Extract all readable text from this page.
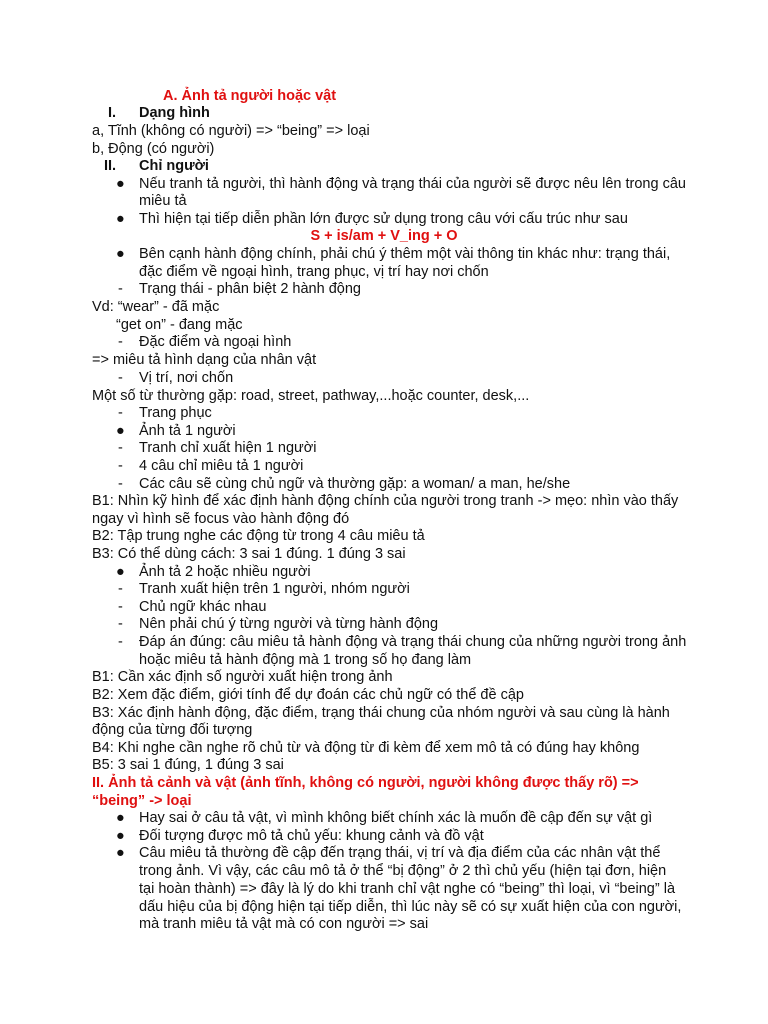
A. Ảnh tả người hoặc vật
I. Dạng hình
a, Tĩnh (không có người) => “being” => loại
b, Động (có người)
II. Chỉ người
● Nếu tranh tả người, thì hành động và trạng thái của người sẽ được nêu lên trong câu
miêu tả
● Thì hiện tại tiếp diễn phần lớn được sử dụng trong câu với cấu trúc như sau
S + is/am + V_ing + O
● Bên cạnh hành động chính, phải chú ý thêm một vài thông tin khác như: trạng thái,
đặc điểm về ngoại hình, trang phục, vị trí hay nơi chốn
- Trạng thái - phân biệt 2 hành động
Vd: “wear” - đã mặc
“get on” - đang mặc
- Đặc điểm và ngoại hình
=> miêu tả hình dạng của nhân vật
- Vị trí, nơi chốn
Một số từ thường gặp: road, street, pathway,...hoặc counter, desk,...
- Trang phục
● Ảnh tả 1 người
- Tranh chỉ xuất hiện 1 người
- 4 câu chỉ miêu tả 1 người
- Các câu sẽ cùng chủ ngữ và thường gặp: a woman/ a man, he/she
B1: Nhìn kỹ hình để xác định hành động chính của người trong tranh -> mẹo: nhìn vào thấy
ngay vì hình sẽ focus vào hành động đó
B2: Tập trung nghe các động từ trong 4 câu miêu tả
B3: Có thể dùng cách: 3 sai 1 đúng. 1 đúng 3 sai
● Ảnh tả 2 hoặc nhiều người
- Tranh xuất hiện trên 1 người, nhóm người
- Chủ ngữ khác nhau
- Nên phải chú ý từng người và từng hành động
- Đáp án đúng: câu miêu tả hành động và trạng thái chung của những người trong ảnh
hoặc miêu tả hành động mà 1 trong số họ đang làm
B1: Cần xác định số người xuất hiện trong ảnh
B2: Xem đặc điểm, giới tính để dự đoán các chủ ngữ có thể đề cập
B3: Xác định hành động, đặc điểm, trạng thái chung của nhóm người và sau cùng là hành
động của từng đối tượng
B4: Khi nghe cần nghe rõ chủ từ và động từ đi kèm để xem mô tả có đúng hay không
B5: 3 sai 1 đúng, 1 đúng 3 sai
II. Ảnh tả cảnh và vật (ảnh tĩnh, không có người, người không được thấy rõ) =>
“being” -> loại
● Hay sai ở câu tả vật, vì mình không biết chính xác là muốn đề cập đến sự vật gì
● Đối tượng được mô tả chủ yếu: khung cảnh và đồ vật
● Câu miêu tả thường đề cập đến trạng thái, vị trí và địa điểm của các nhân vật thể
trong ảnh. Vì vậy, các câu mô tả ở thể “bị động” ở 2 thì chủ yếu (hiện tại đơn, hiện
tại hoàn thành) => đây là lý do khi tranh chỉ vật nghe có “being” thì loại, vì “being” là
dấu hiệu của bị động hiện tại tiếp diễn, thì lúc này sẽ có sự xuất hiện của con người,
mà tranh miêu tả vật mà có con người => sai
